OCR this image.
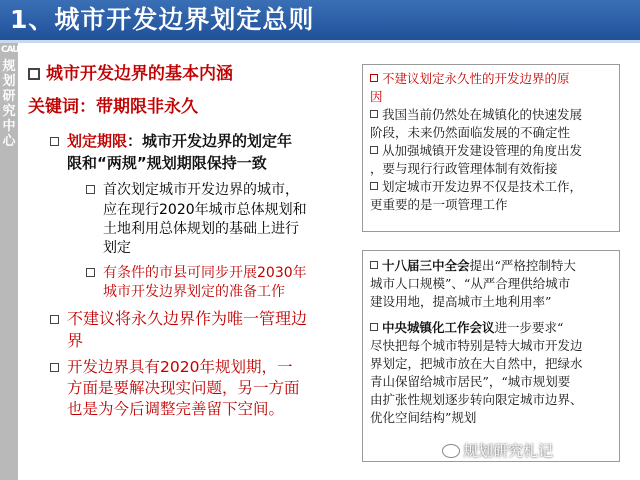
1、城市开发边界划定总则
CAUPD
规划研究中心
城市开发边界的基本内涵
关键词：带期限非永久
划定期限：城市开发边界的划定年
限和“两规”规划期限保持一致
首次划定城市开发边界的城市，
应在现行2020年城市总体规划和
土地利用总体规划的基础上进行
划定
有条件的市县可同步开展2030年
城市开发边界划定的准备工作
不建议将永久边界作为唯一管理边
界
开发边界具有2020年规划期，一
方面是要解决现实问题，另一方面
也是为今后调整完善留下空间。
不建议划定永久性的开发边界的原
因
我国当前仍然处在城镇化的快速发展
阶段，未来仍然面临发展的不确定性
从加强城镇开发建设管理的角度出发
，要与现行行政管理体制有效衔接
划定城市开发边界不仅是技术工作，
更重要的是一项管理工作
十八届三中全会提出“严格控制特大
城市人口规模”、“从严合理供给城市
建设用地，提高城市土地利用率”
中央城镇化工作会议进一步要求“
尽快把每个城市特别是特大城市开发边
界划定，把城市放在大自然中，把绿水
青山保留给城市居民”，“城市规划要
由扩张性规划逐步转向限定城市边界、
优化空间结构”规划
规划研究札记
